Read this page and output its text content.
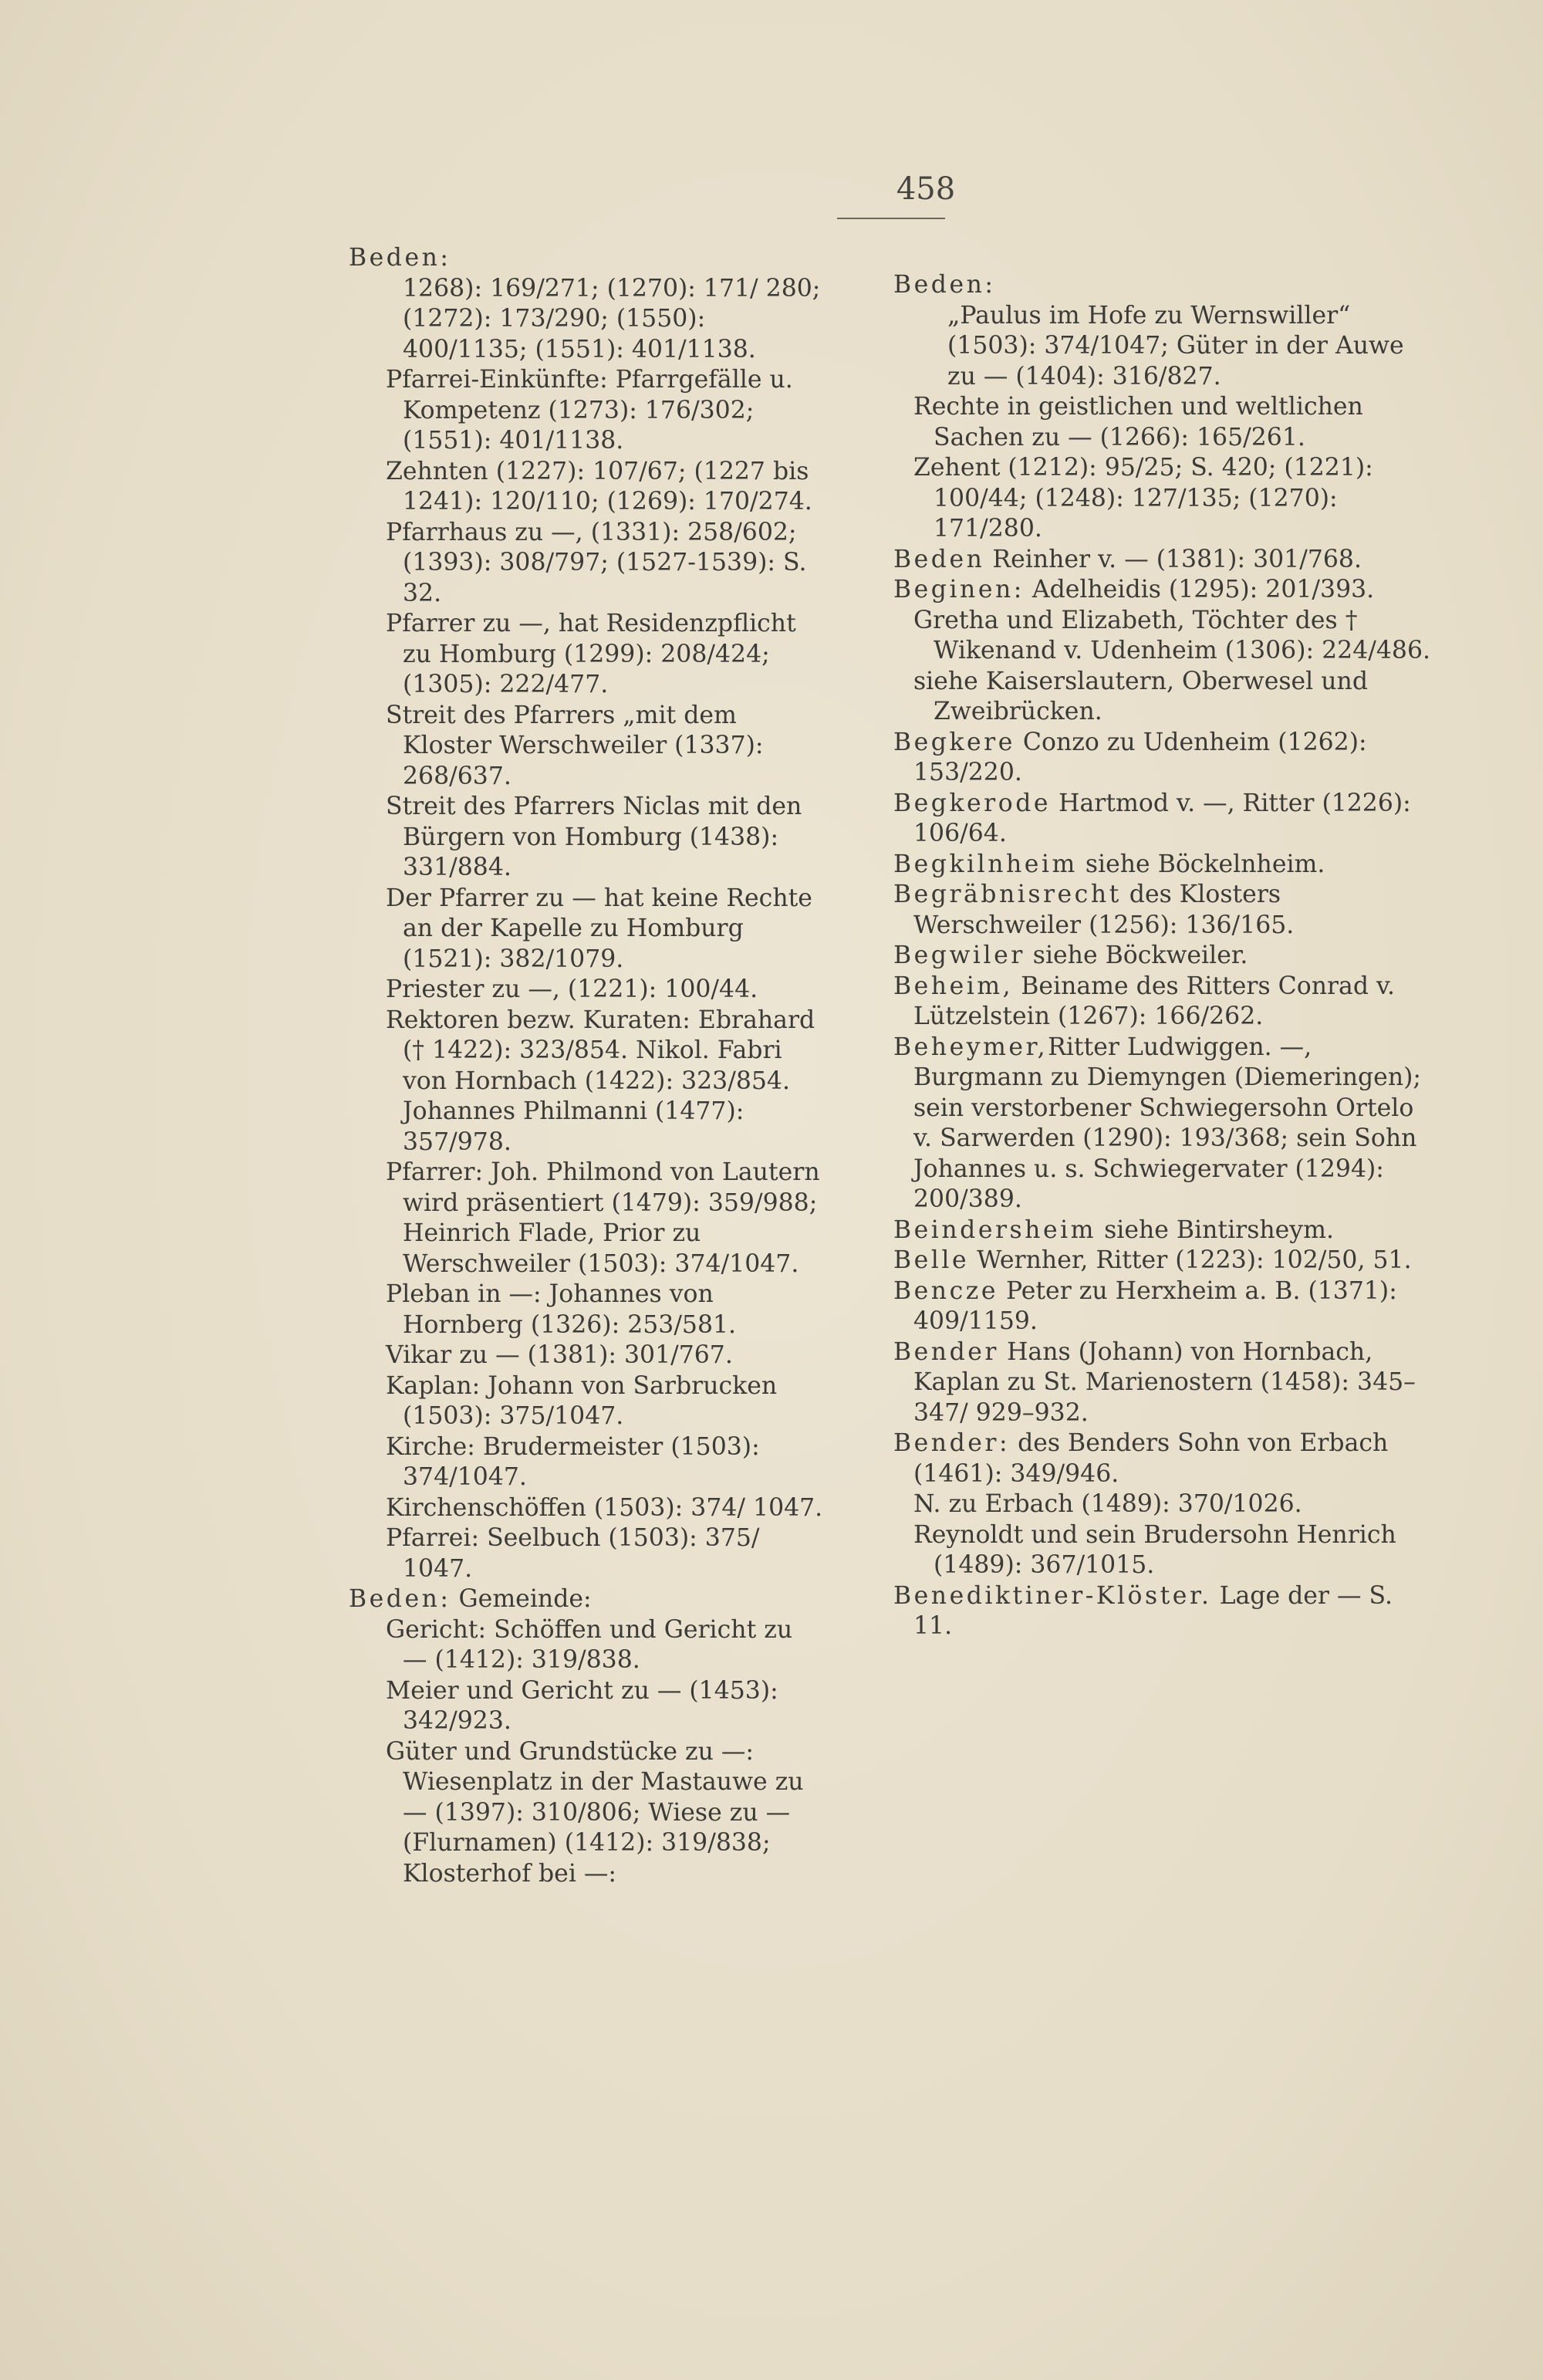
458

Beden:

1268): 169/271; (1270): 171/ 280; (1272): 173/290; (1550): 400/1135; (1551): 401/1138.

Pfarrei-Einkünfte: Pfarrgefälle u. Kompetenz (1273): 176/302; (1551): 401/1138.

Zehnten (1227): 107/67; (1227 bis 1241): 120/110; (1269): 170/274.

Pfarrhaus zu —, (1331): 258/602; (1393): 308/797; (1527-1539): S. 32.

Pfarrer zu —, hat Residenzpflicht zu Homburg (1299): 208/424; (1305): 222/477.

Streit des Pfarrers „mit dem Kloster Werschweiler (1337): 268/637.

Streit des Pfarrers Niclas mit den Bürgern von Homburg (1438): 331/884.

Der Pfarrer zu — hat keine Rechte an der Kapelle zu Homburg (1521): 382/1079.

Priester zu —, (1221): 100/44.

Rektoren bezw. Kuraten: Ebrahard († 1422): 323/854. Nikol. Fabri von Hornbach (1422): 323/854. Johannes Philmanni (1477): 357/978.

Pfarrer: Joh. Philmond von Lautern wird präsentiert (1479): 359/988; Heinrich Flade, Prior zu Werschweiler (1503): 374/1047.

Pleban in —: Johannes von Hornberg (1326): 253/581.

Vikar zu — (1381): 301/767.

Kaplan: Johann von Sarbrucken (1503): 375/1047.

Kirche: Brudermeister (1503): 374/1047.

Kirchenschöffen (1503): 374/ 1047.

Pfarrei: Seelbuch (1503): 375/ 1047.

Beden: Gemeinde:

Gericht: Schöffen und Gericht zu — (1412): 319/838.

Meier und Gericht zu — (1453): 342/923.

Güter und Grundstücke zu —: Wiesenplatz in der Mastauwe zu — (1397): 310/806; Wiese zu — (Flurnamen) (1412): 319/838; Klosterhof bei —:

Beden:

„Paulus im Hofe zu Wernswiller“ (1503): 374/1047; Güter in der Auwe zu — (1404): 316/827.

Rechte in geistlichen und weltlichen Sachen zu — (1266): 165/261.

Zehent (1212): 95/25; S. 420; (1221): 100/44; (1248): 127/135; (1270): 171/280.

Beden Reinher v. — (1381): 301/768.

Beginen: Adelheidis (1295): 201/393.

Gretha und Elizabeth, Töchter des † Wikenand v. Udenheim (1306): 224/486.

siehe Kaiserslautern, Oberwesel und Zweibrücken.

Begkere Conzo zu Udenheim (1262): 153/220.

Begkerode Hartmod v. —, Ritter (1226): 106/64.

Begkilnheim siehe Böckelnheim.

Begräbnisrecht des Klosters Werschweiler (1256): 136/165.

Begwiler siehe Böckweiler.

Beheim, Beiname des Ritters Conrad v. Lützelstein (1267): 166/262.

Beheymer,Ritter Ludwiggen. —, Burgmann zu Diemyngen (Diemeringen); sein verstorbener Schwiegersohn Ortelo v. Sarwerden (1290): 193/368; sein Sohn Johannes u. s. Schwiegervater (1294): 200/389.

Beindersheim siehe Bintirsheym.

Belle Wernher, Ritter (1223): 102/50, 51.

Bencze Peter zu Herxheim a. B. (1371): 409/1159.

Bender Hans (Johann) von Hornbach, Kaplan zu St. Marienostern (1458): 345–347/ 929–932.

Bender: des Benders Sohn von Erbach (1461): 349/946.

N. zu Erbach (1489): 370/1026.

Reynoldt und sein Brudersohn Henrich (1489): 367/1015.

Benediktiner-Klöster. Lage der — S. 11.
